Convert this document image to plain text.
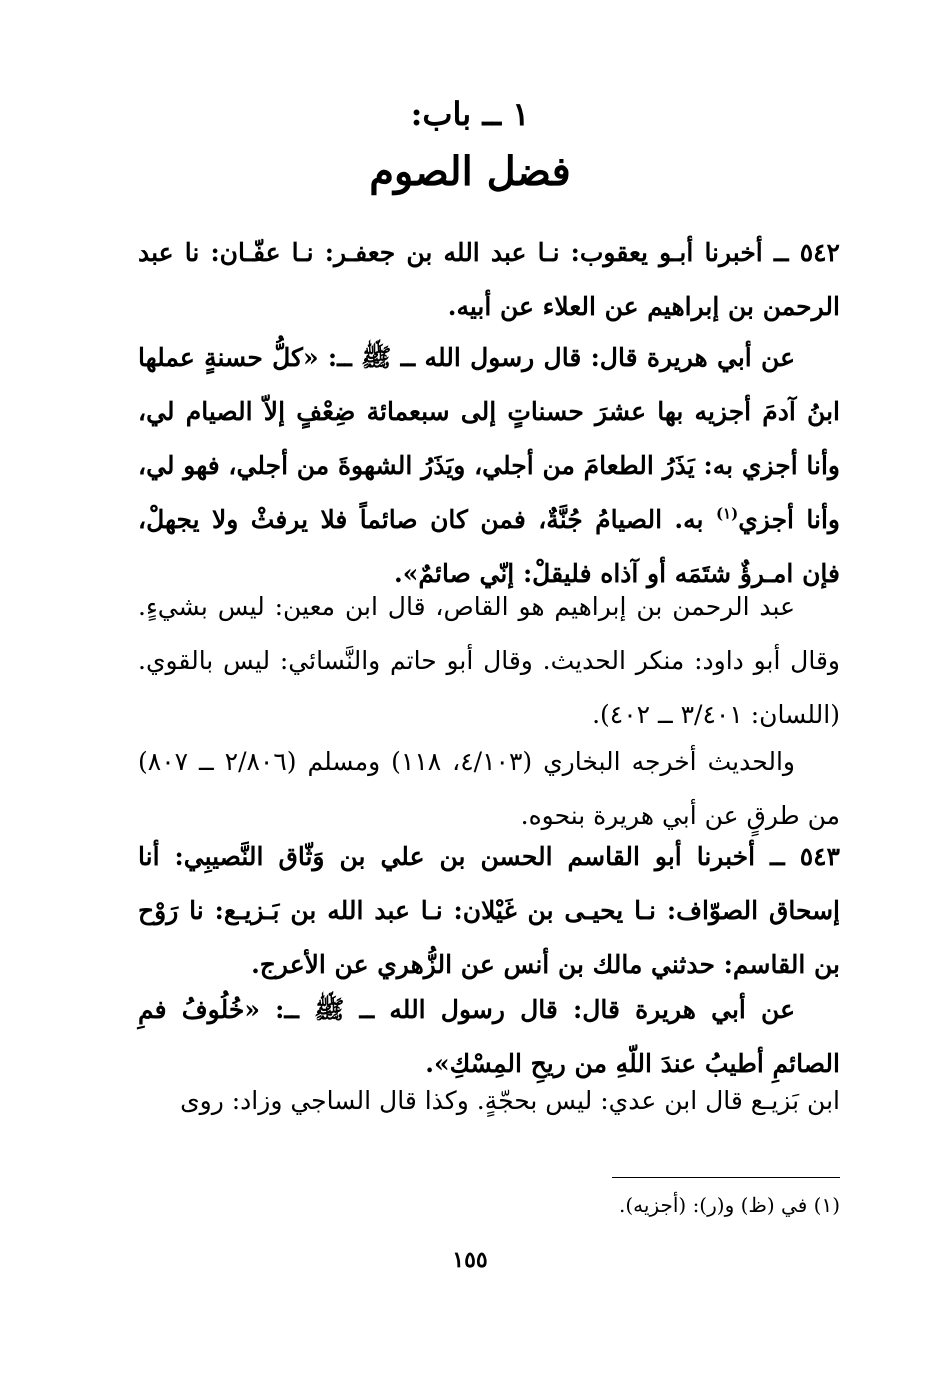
١ ــ باب:
فضل الصوم

٥٤٢ ــ أخبرنا أبـو يعقوب: نـا عبد الله بن جعفـر: نـا عفّـان: نا عبد الرحمن بن إبراهيم عن العلاء عن أبيه.

عن أبي هريرة قال: قال رسول الله ــ ﷺ ــ: «كلُّ حسنةٍ عملها ابنُ آدمَ أجزيه بها عشرَ حسناتٍ إلى سبعمائة ضِعْفٍ إلاّ الصيام لي، وأنا أجزي به: يَذَرُ الطعامَ من أجلي، ويَذَرُ الشهوةَ من أجلي، فهو لي، وأنا أجزي$^{(١)}$ به. الصيامُ جُنَّةٌ، فمن كان صائماً فلا يرفثْ ولا يجهلْ، فإن امـرؤٌ شتَمَه أو آذاه فليقلْ: إنّي صائمٌ».

عبد الرحمن بن إبراهيم هو القاص، قال ابن معين: ليس بشيءٍ. وقال أبو داود: منكر الحديث. وقال أبو حاتم والنَّسائي: ليس بالقوي. (اللسان: ٣/٤٠١ ــ ٤٠٢).

والحديث أخرجه البخاري (٤/١٠٣، ١١٨) ومسلم (٢/٨٠٦ ــ ٨٠٧) من طرقٍ عن أبي هريرة بنحوه.

٥٤٣ ــ أخبرنا أبو القاسم الحسن بن علي بن وَثّاق النَّصيبِي: أنا إسحاق الصوّاف: نـا يحيـى بن غَيْلان: نـا عبد الله بن بَـزيـع: نا رَوْح بن القاسم: حدثني مالك بن أنس عن الزُّهري عن الأعرج.

عن أبي هريرة قال: قال رسول الله ــ ﷺ ــ: «خُلُوفُ فمِ الصائمِ أطيبُ عندَ اللّهِ من ريحِ المِسْكِ».

ابن بَزيـع قال ابن عدي: ليس بحجّةٍ. وكذا قال الساجي وزاد: روى

(١) في (ظ) و(ر): (أجزيه).
١٥٥
